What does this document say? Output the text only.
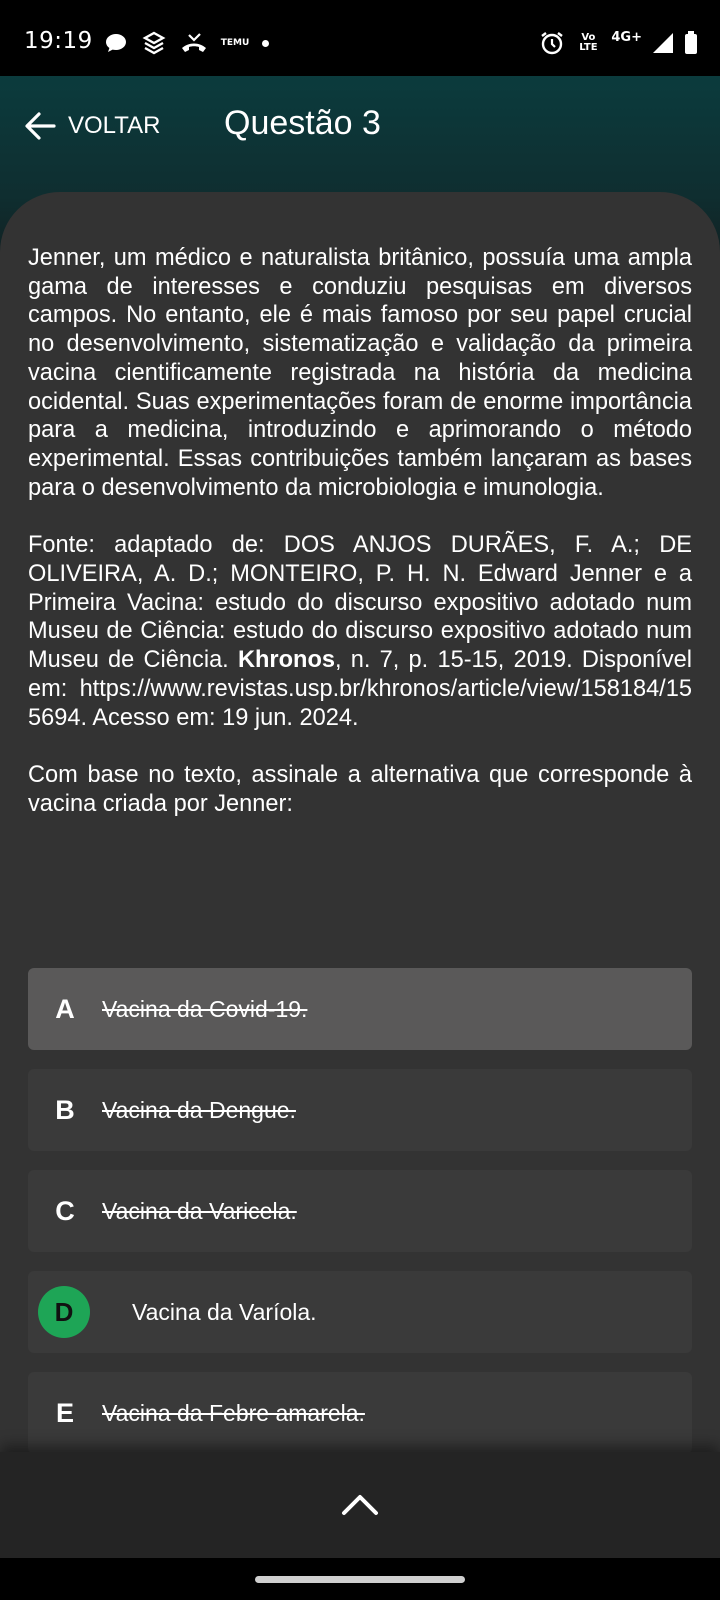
19:19	TEMU	Vo LTE
4G+
VOLTAR Questão 3

Jenner, um médico e naturalista britânico, possuía uma ampla gama de interesses e conduziu pesquisas em diversos campos. No entanto, ele é mais famoso por seu papel crucial no desenvolvimento, sistematização e validação da primeira vacina cientificamente registrada na história da medicina ocidental. Suas experimentações foram de enorme importância para a medicina, introduzindo e aprimorando o método experimental. Essas contribuições também lançaram as bases para o desenvolvimento da microbiologia e imunologia.

Fonte: adaptado de: DOS ANJOS DURÃES, F. A.; DE OLIVEIRA, A. D.; MONTEIRO, P. H. N. Edward Jenner e a Primeira Vacina: estudo do discurso expositivo adotado num Museu de Ciência: estudo do discurso expositivo adotado num Museu de Ciência. Khronos, n. 7, p. 15-15, 2019. Disponível em: https://www.revistas.usp.br/khronos/article/view/158184/155694. Acesso em: 19 jun. 2024.

Com base no texto, assinale a alternativa que corresponde à vacina criada por Jenner:

A	Vacina da Covid-19.
B	Vacina da Dengue.
C	Vacina da Varicela.
D	Vacina da Varíola.
E	Vacina da Febre amarela.
